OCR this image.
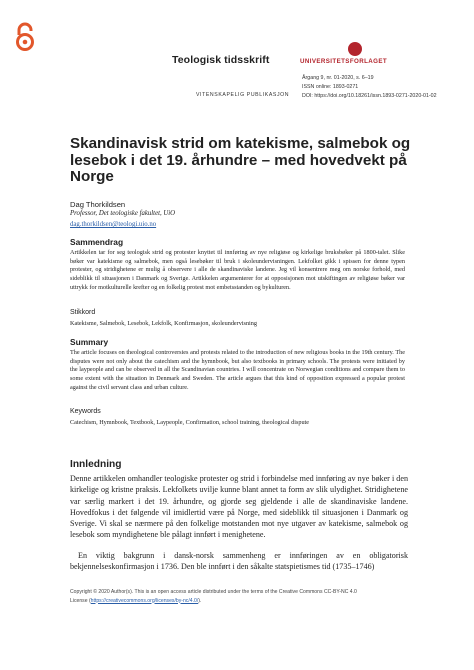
Teologisk tidsskrift
VITENSKAPELIG PUBLIKASJON
UNIVERSITETSFORLAGET
Årgang 9, nr. 01-2020, s. 6–19
ISSN online: 1893-0271
DOI: https://doi.org/10.18261/issn.1893-0271-2020-01-02
Skandinavisk strid om katekisme, salmebok og lesebok i det 19. århundre – med hovedvekt på Norge
Dag Thorkildsen
Professor, Det teologiske fakultet, UiO
dag.thorkildsen@teologi.uio.no
Sammendrag
Artikkelen tar for seg teologisk strid og protester knyttet til innføring av nye religiøse og kirkelige bruksbøker på 1800-talet. Slike bøker var katekisme og salmebok, men også lesebøker til bruk i skoleundervisningen. Lekfolket gikk i spissen for denne typen protester, og stridighetene er mulig å observere i alle de skandinaviske landene. Jeg vil konsentrere meg om norske forhold, med sideblikk til situasjonen i Danmark og Sverige. Artikkelen argumenterer for at opposisjonen mot utskiftingen av religiøse bøker var uttrykk for motkulturelle krefter og en folkelig protest mot embetsstanden og bykulturen.
Stikkord
Katekisme, Salmebok, Lesebok, Lekfolk, Konfirmasjon, skoleundervisning
Summary
The article focuses on theological controversies and protests related to the introduction of new religious books in the 19th century. The disputes were not only about the catechism and the hymnbook, but also textbooks in primary schools. The protests were initiated by the laypeople and can be observed in all the Scandinavian countries. I will concentrate on Norwegian conditions and compare them to some extent with the situation in Denmark and Sweden. The article argues that this kind of opposition expressed a popular protest against the civil servant class and urban culture.
Keywords
Catechism, Hymnbook, Textbook, Laypeople, Confirmation, school training, theological dispute
Innledning
Denne artikkelen omhandler teologiske protester og strid i forbindelse med innføring av nye bøker i den kirkelige og kristne praksis. Lekfolkets uvilje kunne blant annet ta form av slik ulydighet. Stridighetene var særlig markert i det 19. århundre, og gjorde seg gjeldende i alle de skandinaviske landene. Hovedfokus i det følgende vil imidlertid være på Norge, med sideblikk til situasjonen i Danmark og Sverige. Vi skal se nærmere på den folkelige motstanden mot nye utgaver av katekisme, salmebok og lesebok som myndighetene ble pålagt innført i menighetene.
En viktig bakgrunn i dansk-norsk sammenheng er innføringen av en obligatorisk bekjennelseskonfirmasjon i 1736. Den ble innført i den såkalte statspietismes tid (1735–1746)
Copyright © 2020 Author(s). This is an open access article distributed under the terms of the Creative Commons CC-BY-NC 4.0
License (https://creativecommons.org/licenses/by-nc/4.0/).
